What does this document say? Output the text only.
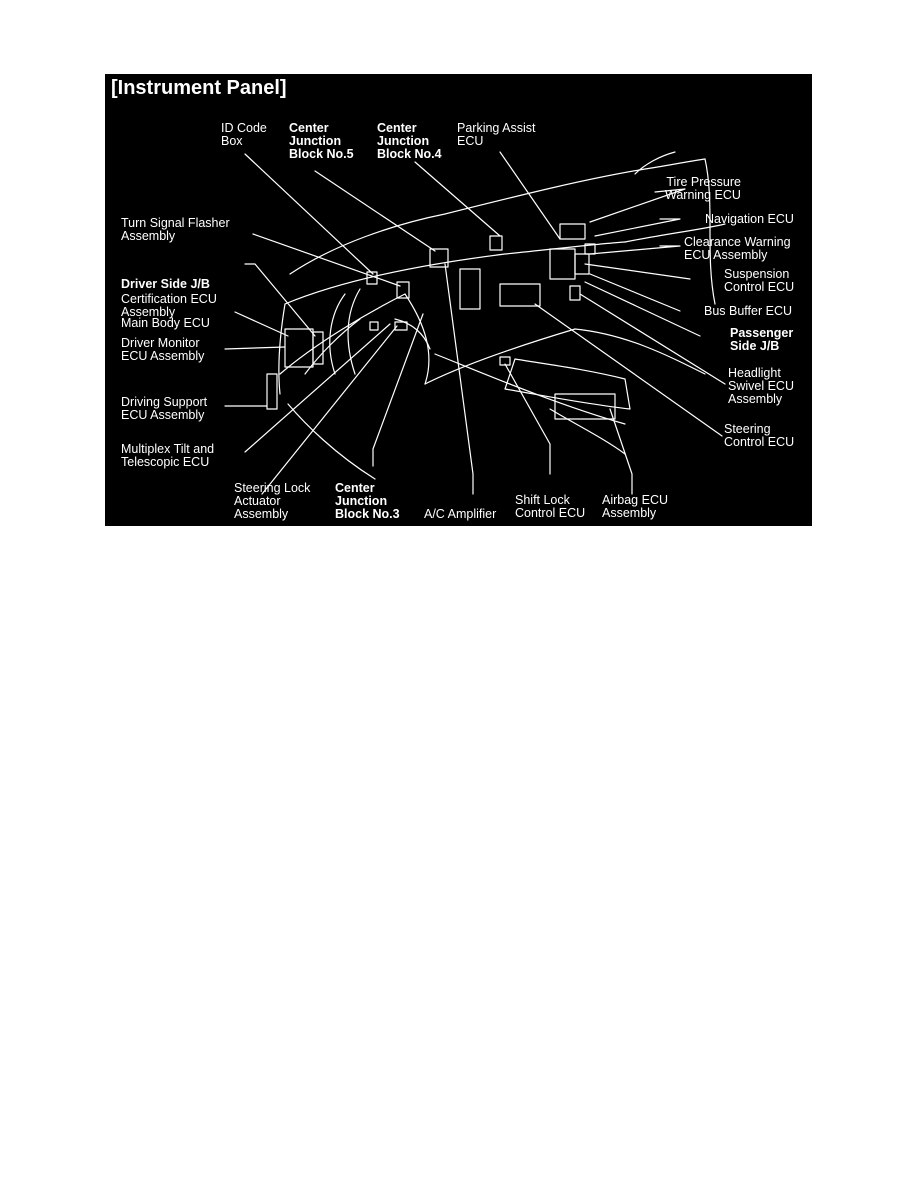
[Instrument Panel]
ID Code
Box
Center
Junction
Block No.5
Center
Junction
Block No.4
Parking Assist
ECU
Tire Pressure
Warning ECU
Navigation ECU
Clearance Warning
ECU Assembly
Suspension
Control ECU
Bus Buffer ECU
Passenger
Side J/B
Headlight
Swivel ECU
Assembly
Steering
Control ECU
Airbag ECU
Assembly
Shift Lock
Control ECU
A/C Amplifier
Center
Junction
Block No.3
Steering Lock
Actuator
Assembly
Multiplex Tilt and
Telescopic ECU
Driving Support
ECU Assembly
Driver Monitor
ECU Assembly
Certification ECU
Assembly

Driver Side J/B

Main Body ECU

Turn Signal Flasher
Assembly
